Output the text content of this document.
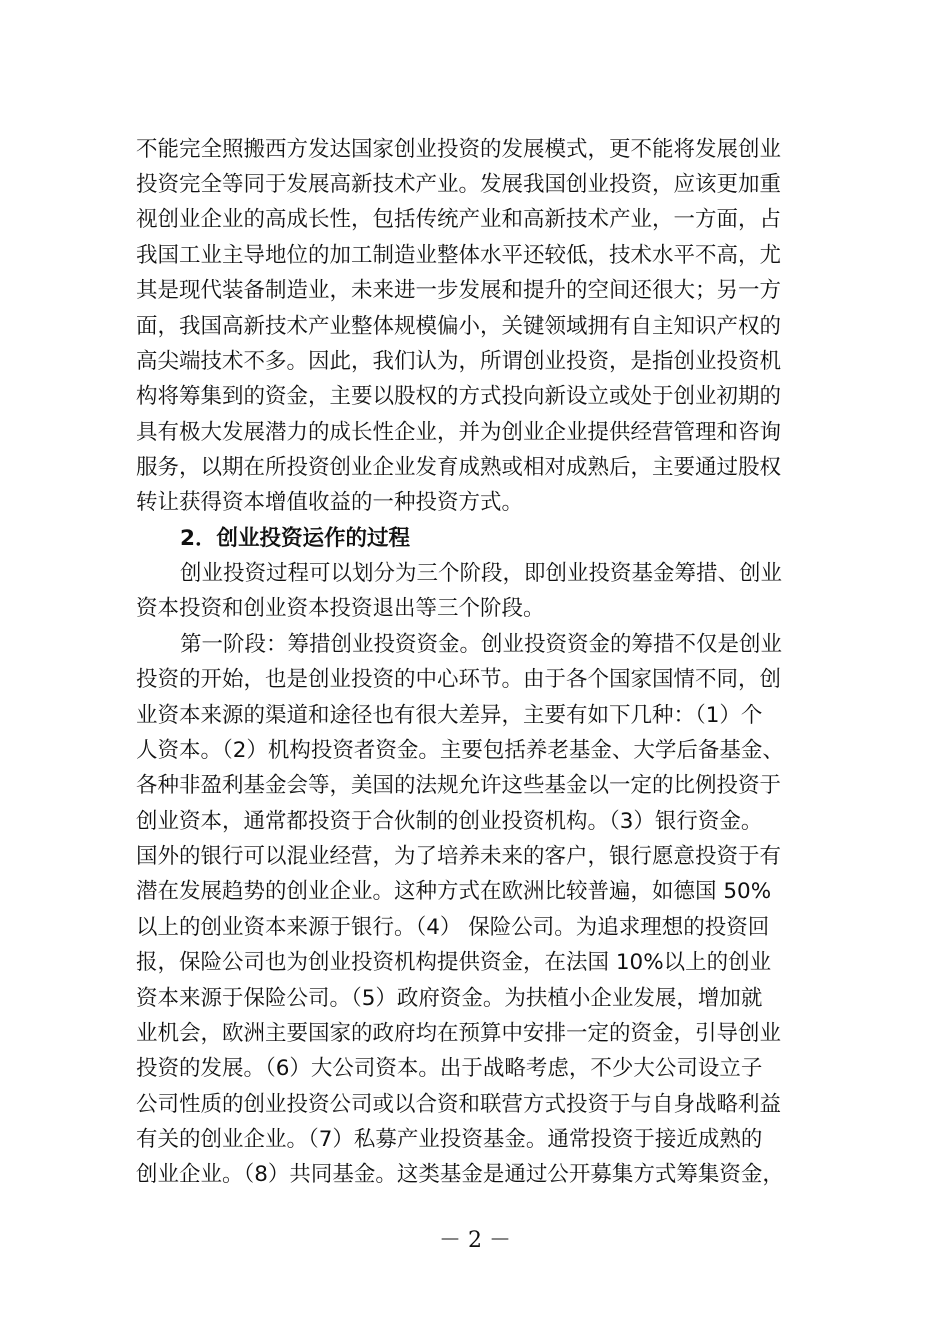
不能完全照搬西方发达国家创业投资的发展模式，更不能将发展创业
投资完全等同于发展高新技术产业。发展我国创业投资，应该更加重
视创业企业的高成长性，包括传统产业和高新技术产业，一方面，占
我国工业主导地位的加工制造业整体水平还较低，技术水平不高，尤
其是现代装备制造业，未来进一步发展和提升的空间还很大；另一方
面，我国高新技术产业整体规模偏小，关键领域拥有自主知识产权的
高尖端技术不多。因此，我们认为，所谓创业投资，是指创业投资机
构将筹集到的资金，主要以股权的方式投向新设立或处于创业初期的
具有极大发展潜力的成长性企业，并为创业企业提供经营管理和咨询
服务，以期在所投资创业企业发育成熟或相对成熟后，主要通过股权
转让获得资本增值收益的一种投资方式。
2．创业投资运作的过程
创业投资过程可以划分为三个阶段，即创业投资基金筹措、创业
资本投资和创业资本投资退出等三个阶段。
第一阶段：筹措创业投资资金。创业投资资金的筹措不仅是创业
投资的开始，也是创业投资的中心环节。由于各个国家国情不同，创
业资本来源的渠道和途径也有很大差异，主要有如下几种：（1）个
人资本。（2）机构投资者资金。主要包括养老基金、大学后备基金、
各种非盈利基金会等，美国的法规允许这些基金以一定的比例投资于
创业资本，通常都投资于合伙制的创业投资机构。（3）银行资金。
国外的银行可以混业经营，为了培养未来的客户，银行愿意投资于有
潜在发展趋势的创业企业。这种方式在欧洲比较普遍，如德国 50%
以上的创业资本来源于银行。（4） 保险公司。为追求理想的投资回
报，保险公司也为创业投资机构提供资金，在法国 10%以上的创业
资本来源于保险公司。（5）政府资金。为扶植小企业发展，增加就
业机会，欧洲主要国家的政府均在预算中安排一定的资金，引导创业
投资的发展。（6）大公司资本。出于战略考虑，不少大公司设立子
公司性质的创业投资公司或以合资和联营方式投资于与自身战略利益
有关的创业企业。（7）私募产业投资基金。通常投资于接近成熟的
创业企业。（8）共同基金。这类基金是通过公开募集方式筹集资金，
－ 2 －
